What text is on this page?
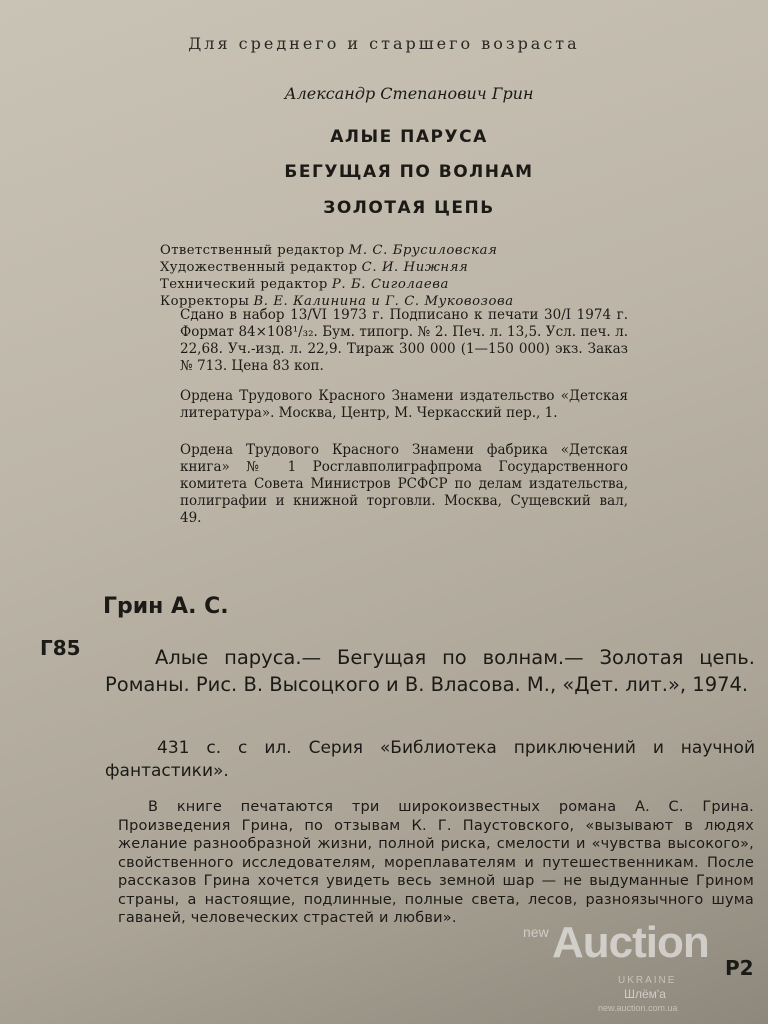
Для среднего и старшего возраста
Александр Степанович Грин
АЛЫЕ ПАРУСА
БЕГУЩАЯ ПО ВОЛНАМ
ЗОЛОТАЯ ЦЕПЬ
Ответственный редактор М. С. Брусиловская
Художественный редактор С. И. Нижняя
Технический редактор Р. Б. Сиголаева
Корректоры В. Е. Калинина и Г. С. Муковозова

Сдано в набор 13/VI 1973 г. Подписано к печати 30/I 1974 г. Формат 84×108¹/₃₂. Бум. типогр. № 2. Печ. л. 13,5. Усл. печ. л. 22,68. Уч.-изд. л. 22,9. Тираж 300 000 (1—150 000) экз. Заказ № 713. Цена 83 коп.

Ордена Трудового Красного Знамени издательство «Детская литература». Москва, Центр, М. Черкасский пер., 1.

Ордена Трудового Красного Знамени фабрика «Детская книга» № 1 Росглавполиграфпрома Государственного комитета Совета Министров РСФСР по делам издательства, полиграфии и книжной торговли. Москва, Сущевский вал, 49.

Грин А. С.
Г85	Алые паруса.— Бегущая по волнам.— Золотая цепь. Романы. Рис. В. Высоцкого и В. Власова. М., «Дет. лит.», 1974.

431 с. с ил. Серия «Библиотека приключений и научной фантастики».

В книге печатаются три широкоизвестных романа А. С. Грина. Произведения Грина, по отзывам К. Г. Паустовского, «вызывают в людях желание разнообразной жизни, полной риска, смелости и «чувства высокого», свойственного исследователям, мореплавателям и путешественникам. После рассказов Грина хочется увидеть весь земной шар — не выдуманные Грином страны, а настоящие, подлинные, полные света, лесов, разноязычного шума гаваней, человеческих страстей и любви».

Р2
new Auction
UKRAINE
Шлём'а
new.auction.com.ua
